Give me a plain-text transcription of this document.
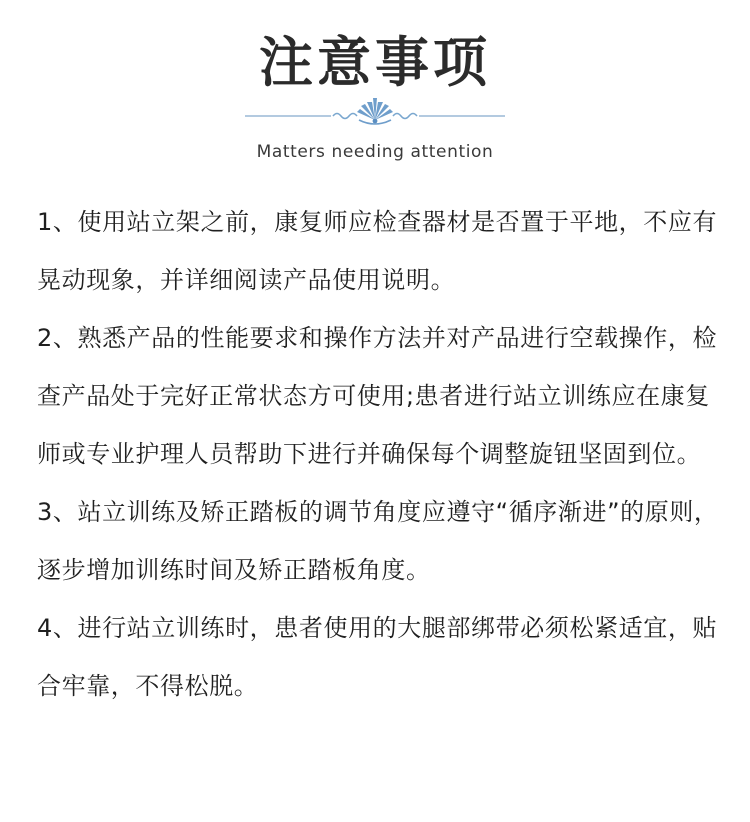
注意事项
Matters needing attention

1、使用站立架之前，康复师应检查器材是否置于平地，不应有晃动现象，并详细阅读产品使用说明。

2、熟悉产品的性能要求和操作方法并对产品进行空载操作，检查产品处于完好正常状态方可使用;患者进行站立训练应在康复师或专业护理人员帮助下进行并确保每个调整旋钮坚固到位。

3、站立训练及矫正踏板的调节角度应遵守“循序渐进”的原则，逐步增加训练时间及矫正踏板角度。

4、进行站立训练时，患者使用的大腿部绑带必须松紧适宜，贴合牢靠，不得松脱。
